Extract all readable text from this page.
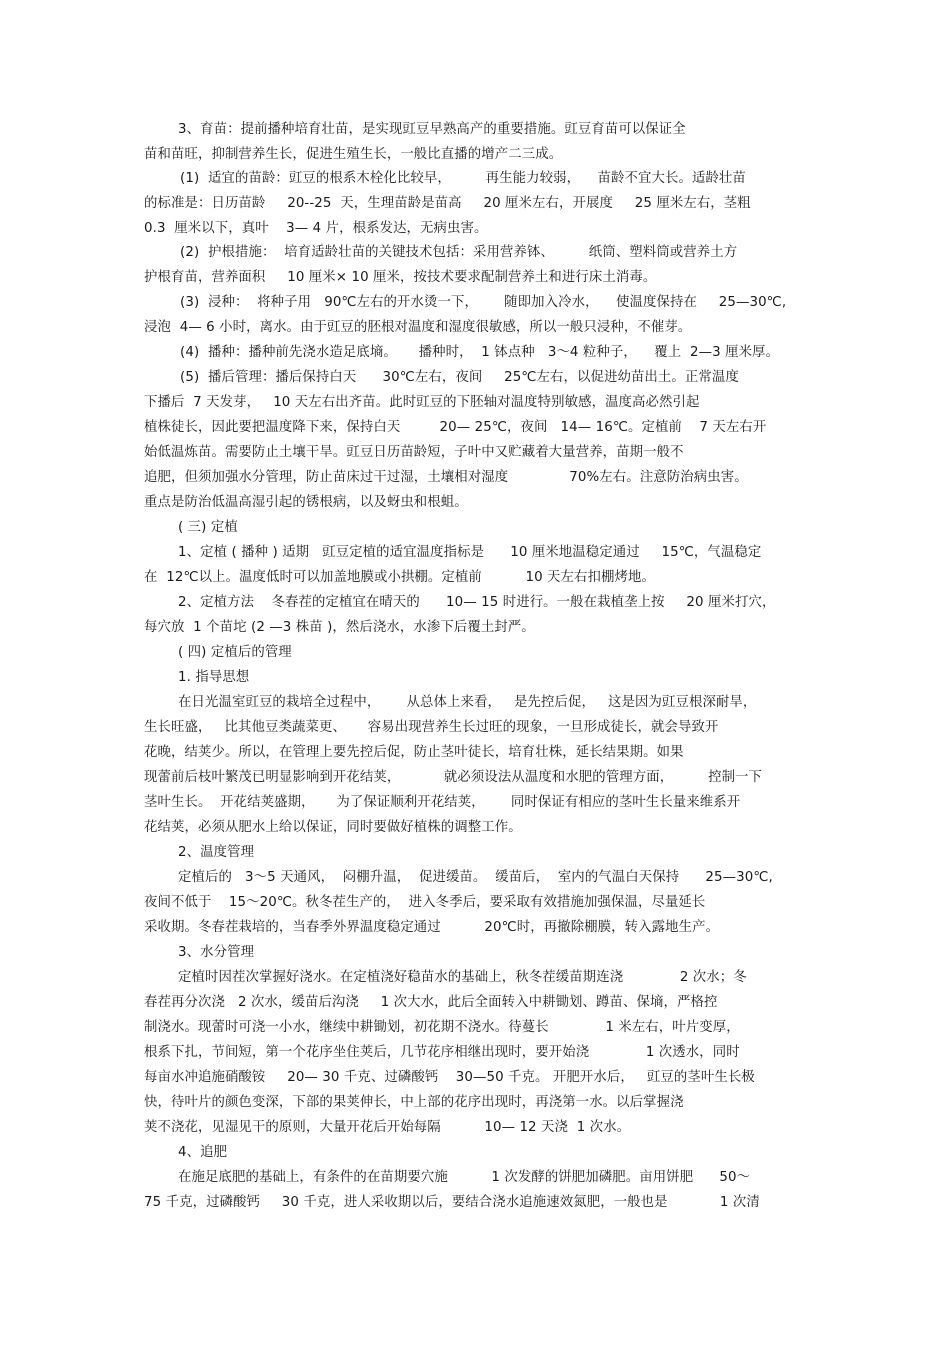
3、育苗：提前播种培育壮苗，是实现豇豆早熟高产的重要措施。豇豆育苗可以保证全
苗和苗旺，抑制营养生长，促进生殖生长，一般比直播的增产二三成。
(1)  适宜的苗龄：豇豆的根系木栓化比较早，        再生能力较弱，    苗龄不宜大长。适龄壮苗
的标准是：日历苗龄     20--25  天，生理苗龄是苗高     20 厘米左右，开展度     25 厘米左右，茎粗
0.3  厘米以下，真叶    3— 4 片，根系发达，无病虫害。
(2)  护根措施：  培育适龄壮苗的关键技术包括：采用营养钵、        纸筒、塑料筒或营养土方
护根育苗，营养面积     10 厘米× 10 厘米，按技术要求配制营养土和进行床土消毒。
(3)  浸种：  将种子用   90℃左右的开水烫一下，      随即加入冷水，    使温度保持在     25—30℃,
浸泡  4— 6 小时，离水。由于豇豆的胚根对温度和湿度很敏感，所以一般只浸种，不催芽。
(4)  播种：播种前先浇水造足底墒。     播种时，  1 钵点种   3～4 粒种子，    覆上  2—3 厘米厚。
(5)  播后管理：播后保持白天      30℃左右，夜间     25℃左右，以促进幼苗出土。正常温度
下播后  7 天发芽，   10 天左右出齐苗。此时豇豆的下胚轴对温度特别敏感，温度高必然引起
植株徒长，因此要把温度降下来，保持白天         20— 25℃，夜间   14— 16℃。定植前    7 天左右开
始低温炼苗。需要防止土壤干旱。豇豆日历苗龄短，子叶中又贮藏着大量营养，苗期一般不
追肥，但须加强水分管理，防止苗床过干过湿，土壤相对湿度              70%左右。注意防治病虫害。
重点是防治低温高湿引起的锈根病，以及蚜虫和根蛆。
( 三) 定植
1、定植 ( 播种 ) 适期   豇豆定植的适宜温度指标是      10 厘米地温稳定通过     15℃，气温稳定
在  12℃以上。温度低时可以加盖地膜或小拱棚。定植前          10 天左右扣棚烤地。
2、定植方法    冬春茬的定植宜在晴天的      10— 15 时进行。一般在栽植垄上按     20 厘米打穴，
每穴放  1 个苗坨 (2 —3 株苗 )，然后浇水，水渗下后覆土封严。
( 四) 定植后的管理
1. 指导思想
在日光温室豇豆的栽培全过程中，      从总体上来看，   是先控后促，   这是因为豇豆根深耐旱，
生长旺盛，   比其他豆类蔬菜更、     容易出现营养生长过旺的现象，一旦形成徒长，就会导致开
花晚，结荚少。所以，在管理上要先控后促，防止茎叶徒长，培育壮株，延长结果期。如果
现蕾前后枝叶繁茂已明显影响到开花结荚，          就必须设法从温度和水肥的管理方面，        控制一下
茎叶生长。  开花结荚盛期，     为了保证顺利开花结荚，      同时保证有相应的茎叶生长量来维系开
花结荚，必须从肥水上给以保证，同时要做好植株的调整工作。
2、温度管理
定植后的   3～5 天通风，  闷棚升温，  促进缓苗。  缓苗后，  室内的气温白天保持      25—30℃,
夜间不低于    15～20℃。秋冬茬生产的，  进入冬季后，要采取有效措施加强保温，尽量延长
采收期。冬春茬栽培的，当春季外界温度稳定通过          20℃时，再撤除棚膜，转入露地生产。
3、水分管理
定植时因茬次掌握好浇水。在定植浇好稳苗水的基础上，秋冬茬缓苗期连浇             2 次水；冬
春茬再分次浇   2 次水，缓苗后沟浇     1 次大水，此后全面转入中耕锄划、蹲苗、保墒，严格控
制浇水。现蕾时可浇一小水，继续中耕锄划，初花期不浇水。待蔓长             1 米左右，叶片变厚，
根系下扎，节间短，第一个花序坐住荚后，几节花序相继出现时，要开始浇             1 次透水，同时
每亩水冲追施硝酸铵     20— 30 千克、过磷酸钙    30—50 千克。 开肥开水后，   豇豆的茎叶生长极
快，待叶片的颜色变深，下部的果荚伸长，中上部的花序出现时，再浇第一水。以后掌握浇
荚不浇花，见湿见干的原则，大量开花后开始每隔          10— 12 天浇  1 次水。
4、追肥
在施足底肥的基础上，有条件的在苗期要穴施          1 次发酵的饼肥加磷肥。亩用饼肥      50～
75 千克，过磷酸钙     30 千克，进人采收期以后，要结合浇水追施速效氮肥，一般也是            1 次清
